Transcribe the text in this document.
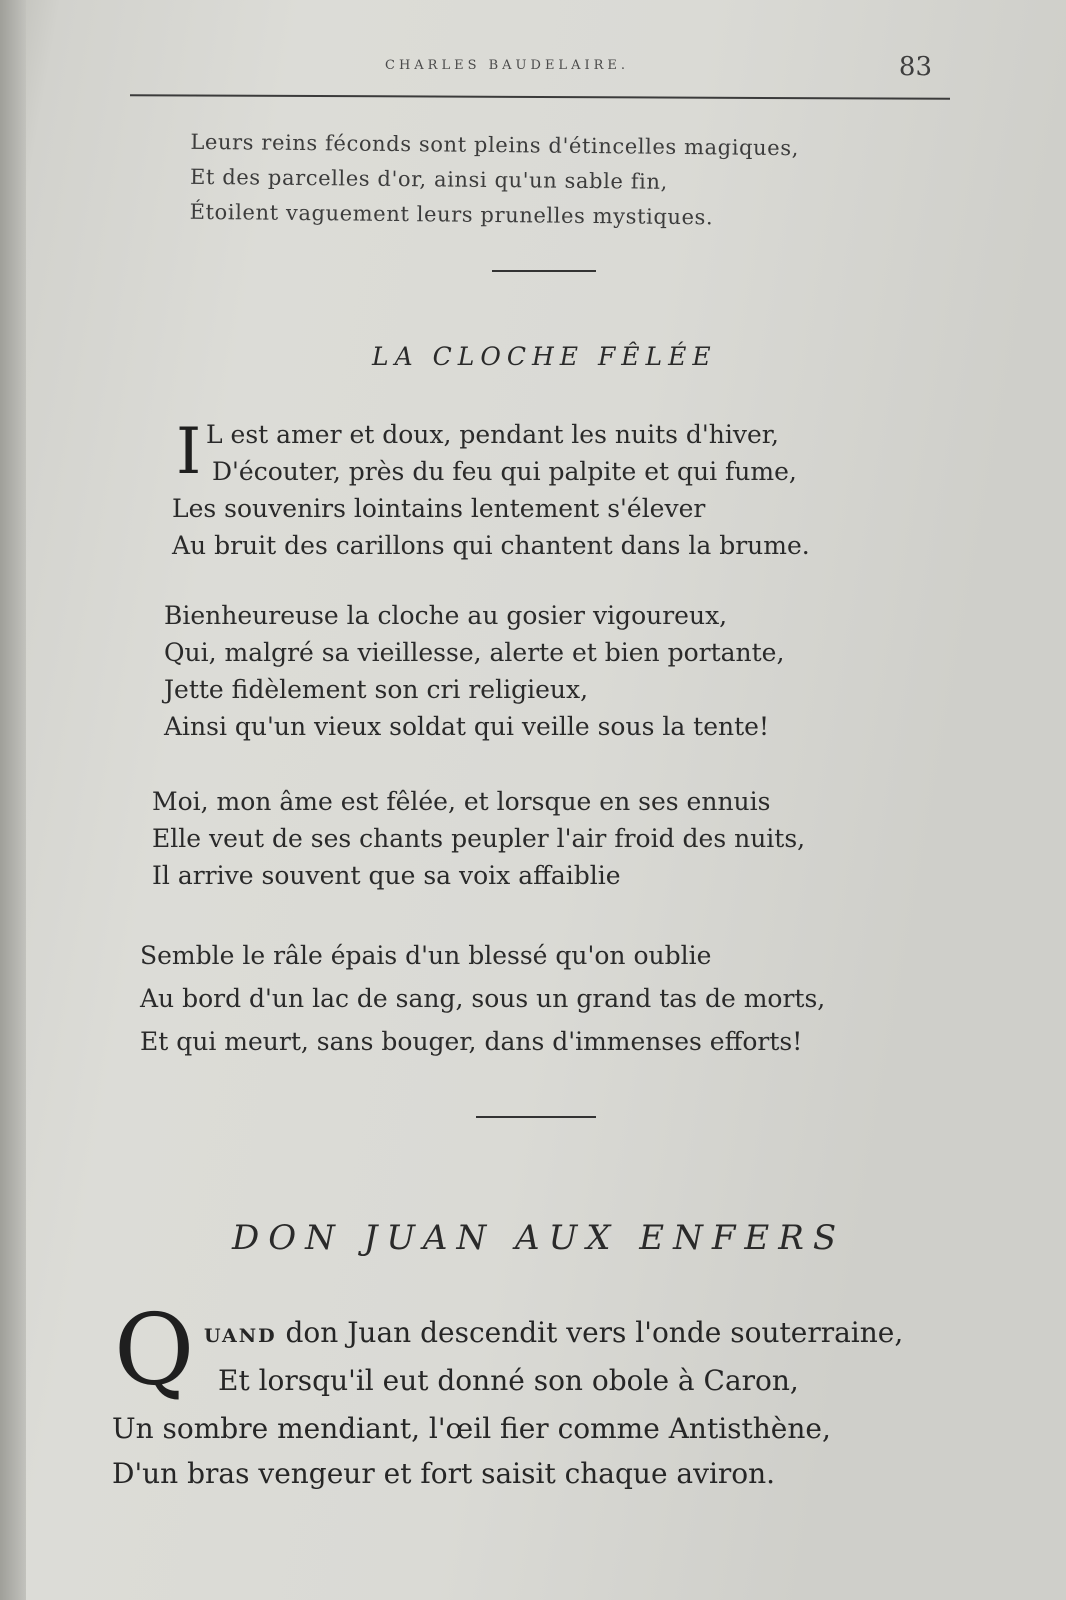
CHARLES BAUDELAIRE.	83
Leurs reins féconds sont pleins d'étincelles magiques,
Et des parcelles d'or, ainsi qu'un sable fin,
Étoilent vaguement leurs prunelles mystiques.
LA CLOCHE FÊLÉE
I L est amer et doux, pendant les nuits d'hiver,
D'écouter, près du feu qui palpite et qui fume,
Les souvenirs lointains lentement s'élever
Au bruit des carillons qui chantent dans la brume.
Bienheureuse la cloche au gosier vigoureux,
Qui, malgré sa vieillesse, alerte et bien portante,
Jette fidèlement son cri religieux,
Ainsi qu'un vieux soldat qui veille sous la tente!
Moi, mon âme est fêlée, et lorsque en ses ennuis
Elle veut de ses chants peupler l'air froid des nuits,
Il arrive souvent que sa voix affaiblie
Semble le râle épais d'un blessé qu'on oublie
Au bord d'un lac de sang, sous un grand tas de morts,
Et qui meurt, sans bouger, dans d'immenses efforts!
DON JUAN AUX ENFERS
Q UAND don Juan descendit vers l'onde souterraine,
Et lorsqu'il eut donné son obole à Caron,
Un sombre mendiant, l'œil fier comme Antisthène,
D'un bras vengeur et fort saisit chaque aviron.
